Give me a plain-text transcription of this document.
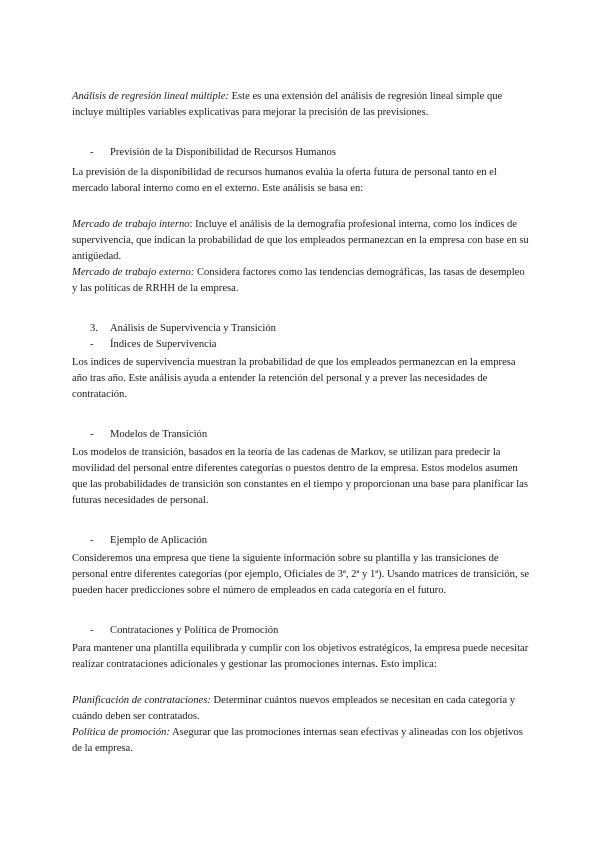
Análisis de regresión lineal múltiple: Este es una extensión del análisis de regresión lineal simple que incluye múltiples variables explicativas para mejorar la precisión de las previsiones.

- Previsión de la Disponibilidad de Recursos Humanos

La previsión de la disponibilidad de recursos humanos evalúa la oferta futura de personal tanto en el mercado laboral interno como en el externo. Este análisis se basa en:

Mercado de trabajo interno: Incluye el análisis de la demografía profesional interna, como los índices de supervivencia, que indican la probabilidad de que los empleados permanezcan en la empresa con base en su antigüedad.

Mercado de trabajo externo: Considera factores como las tendencias demográficas, las tasas de desempleo y las políticas de RRHH de la empresa.

3. Análisis de Supervivencia y Transición
- Índices de Supervivencia

Los índices de supervivencia muestran la probabilidad de que los empleados permanezcan en la empresa año tras año. Este análisis ayuda a entender la retención del personal y a prever las necesidades de contratación.

- Modelos de Transición

Los modelos de transición, basados en la teoría de las cadenas de Markov, se utilizan para predecir la movilidad del personal entre diferentes categorías o puestos dentro de la empresa. Estos modelos asumen que las probabilidades de transición son constantes en el tiempo y proporcionan una base para planificar las futuras necesidades de personal.

- Ejemplo de Aplicación

Consideremos una empresa que tiene la siguiente información sobre su plantilla y las transiciones de personal entre diferentes categorías (por ejemplo, Oficiales de 3ª, 2ª y 1ª). Usando matrices de transición, se pueden hacer predicciones sobre el número de empleados en cada categoría en el futuro.

- Contrataciones y Política de Promoción

Para mantener una plantilla equilibrada y cumplir con los objetivos estratégicos, la empresa puede necesitar realizar contrataciones adicionales y gestionar las promociones internas. Esto implica:

Planificación de contrataciones: Determinar cuántos nuevos empleados se necesitan en cada categoría y cuándo deben ser contratados.

Política de promoción: Asegurar que las promociones internas sean efectivas y alineadas con los objetivos de la empresa.
